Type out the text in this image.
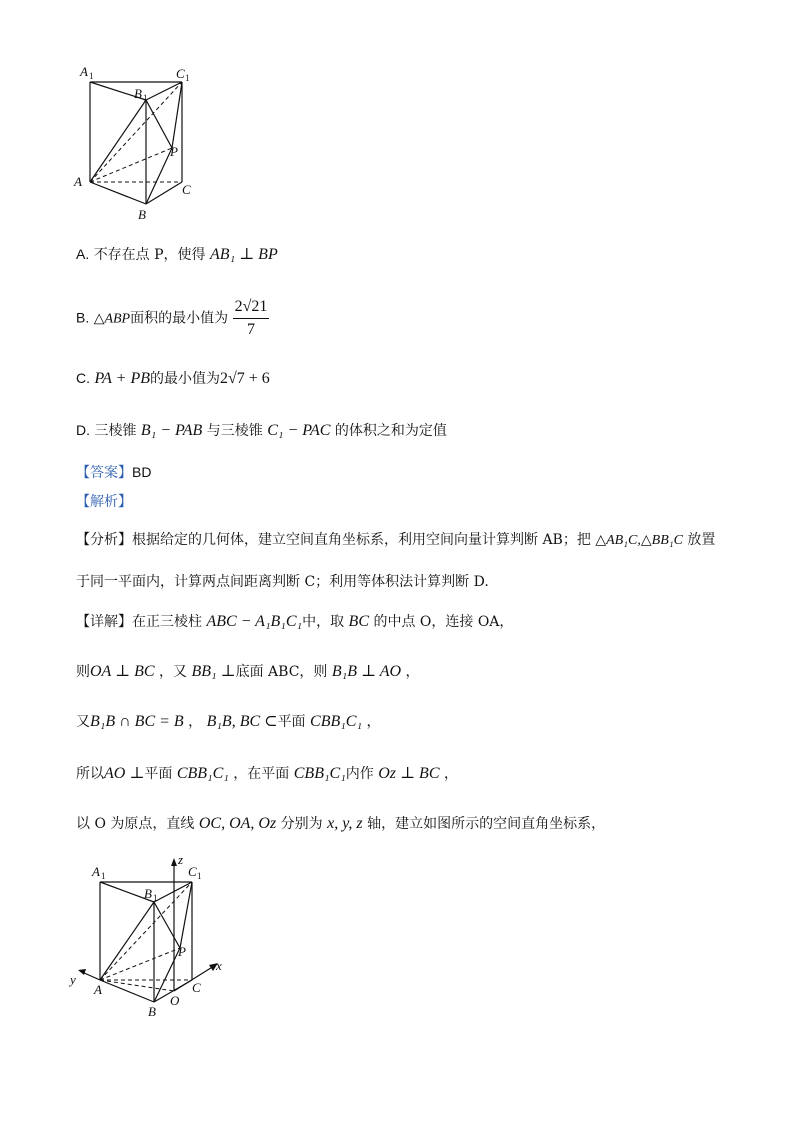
A 1
B 1
C 1
A
B
C
P
A. 不存在点 P，使得 AB₁ ⊥ BP
B. △ABP面积的最小值为 $\frac{2√21}{7}$
C. PA + PB的最小值为2√7 + 6
D. 三棱锥 B₁ − PAB 与三棱锥 C₁ − PAC 的体积之和为定值
【答案】BD
【解析】
【分析】根据给定的几何体，建立空间直角坐标系，利用空间向量计算判断 AB；把 △AB₁C,△BB₁C 放置
于同一平面内，计算两点间距离判断 C；利用等体积法计算判断 D.
【详解】在正三棱柱 ABC − A₁B₁C₁中，取 BC 的中点 O，连接 OA，
则OA ⊥ BC ，又 BB₁ ⊥底面 ABC，则 B₁B ⊥ AO ，
又B₁B ∩ BC = B ， B₁B, BC ⊂平面 CBB₁C₁ ，
所以AO ⊥平面 CBB₁C₁ ，在平面 CBB₁C₁内作 Oz ⊥ BC ，
以 O 为原点，直线 OC, OA, Oz 分别为 x, y, z 轴，建立如图所示的空间直角坐标系，
A 1
B 1
C 1
z
x
y
A
B
O
C
P
